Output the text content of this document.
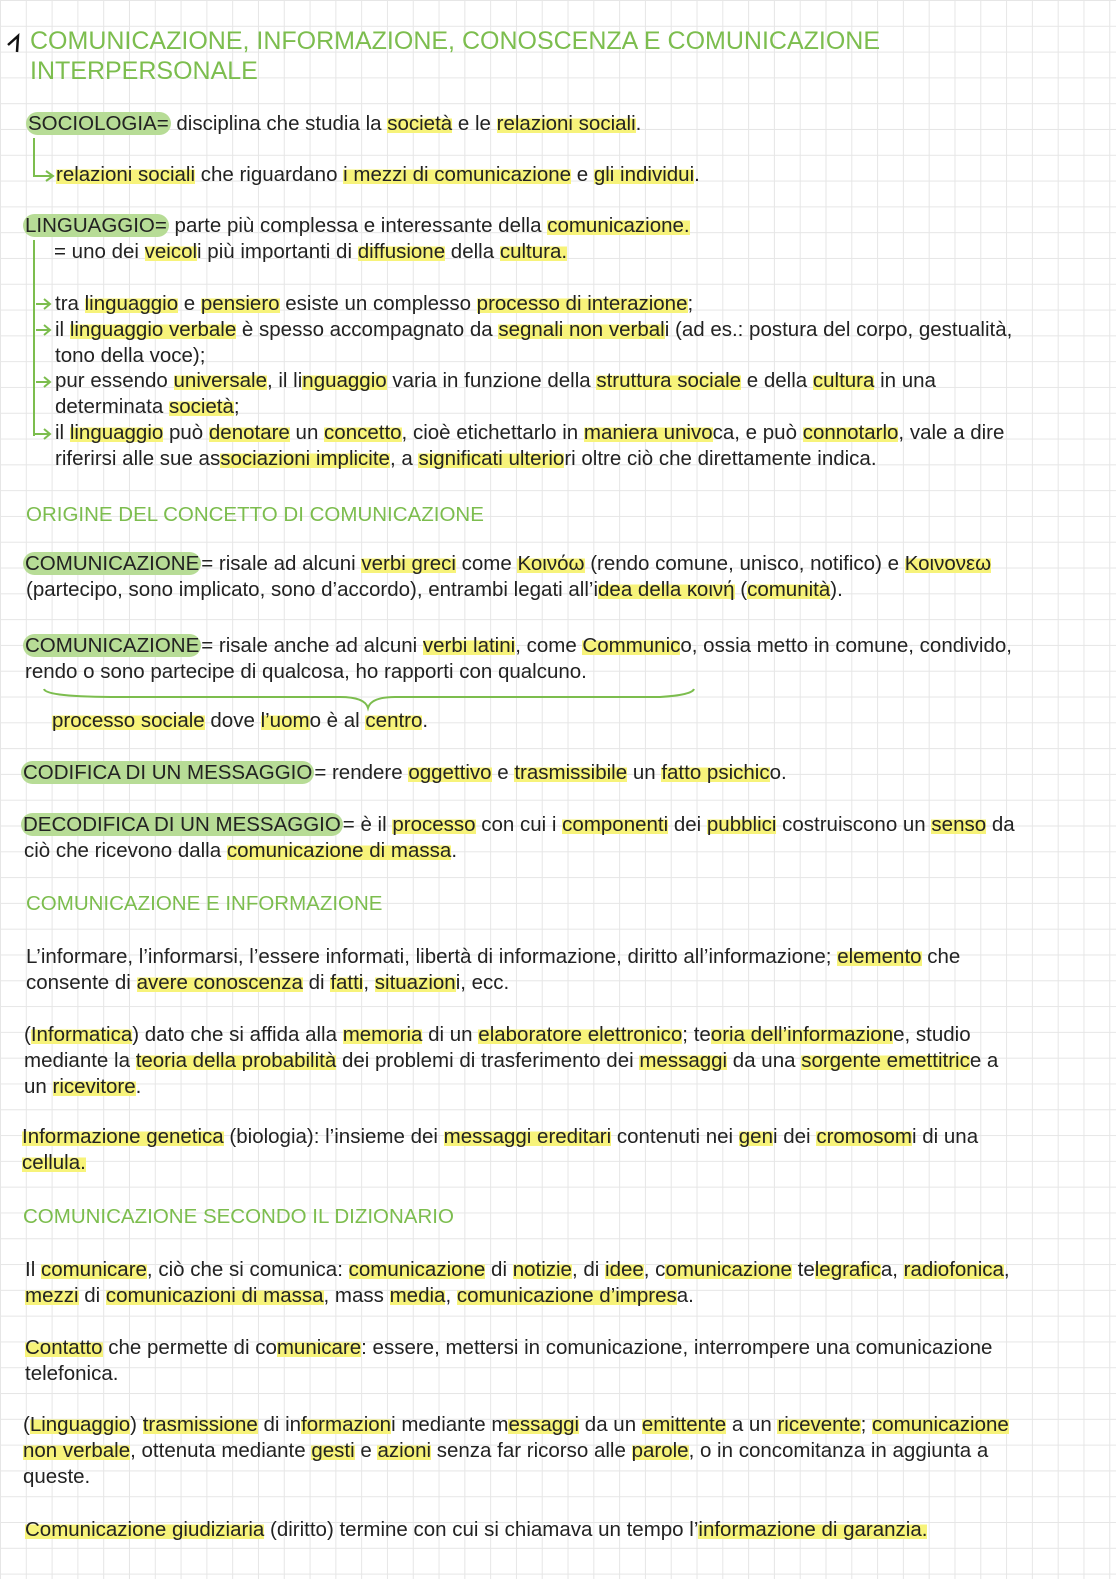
COMUNICAZIONE, INFORMAZIONE, CONOSCENZA E COMUNICAZIONE
INTERPERSONALE
SOCIOLOGIA= disciplina che studia la società e le relazioni sociali.
relazioni sociali che riguardano i mezzi di comunicazione e gli individui.
LINGUAGGIO= parte più complessa e interessante della comunicazione.
= uno dei veicoli più importanti di diffusione della cultura.
tra linguaggio e pensiero esiste un complesso processo di interazione;
il linguaggio verbale è spesso accompagnato da segnali non verbali (ad es.: postura del corpo, gestualità,
tono della voce);
pur essendo universale, il linguaggio varia in funzione della struttura sociale e della cultura in una
determinata società;
il linguaggio può denotare un concetto, cioè etichettarlo in maniera univoca, e può connotarlo, vale a dire
riferirsi alle sue associazioni implicite, a significati ulteriori oltre ciò che direttamente indica.
ORIGINE DEL CONCETTO DI COMUNICAZIONE
COMUNICAZIONE= risale ad alcuni verbi greci come Κοινόω (rendo comune, unisco, notifico) e Κοινονεω
(partecipo, sono implicato, sono d’accordo), entrambi legati all’idea della κοινή (comunità).
COMUNICAZIONE= risale anche ad alcuni verbi latini, come Communico, ossia metto in comune, condivido,
rendo o sono partecipe di qualcosa, ho rapporti con qualcuno.
processo sociale dove l’uomo è al centro.
CODIFICA DI UN MESSAGGIO= rendere oggettivo e trasmissibile un fatto psichico.
DECODIFICA DI UN MESSAGGIO= è il processo con cui i componenti dei pubblici costruiscono un senso da
ciò che ricevono dalla comunicazione di massa.
COMUNICAZIONE E INFORMAZIONE
L’informare, l’informarsi, l’essere informati, libertà di informazione, diritto all’informazione; elemento che
consente di avere conoscenza di fatti, situazioni, ecc.
(Informatica) dato che si affida alla memoria di un elaboratore elettronico; teoria dell’informazione, studio
mediante la teoria della probabilità dei problemi di trasferimento dei messaggi da una sorgente emettitrice a
un ricevitore.
Informazione genetica (biologia): l’insieme dei messaggi ereditari contenuti nei geni dei cromosomi di una
cellula.
COMUNICAZIONE SECONDO IL DIZIONARIO
Il comunicare, ciò che si comunica: comunicazione di notizie, di idee, comunicazione telegrafica, radiofonica,
mezzi di comunicazioni di massa, mass media, comunicazione d’impresa.
Contatto che permette di comunicare: essere, mettersi in comunicazione, interrompere una comunicazione
telefonica.
(Linguaggio) trasmissione di informazioni mediante messaggi da un emittente a un ricevente; comunicazione
non verbale, ottenuta mediante gesti e azioni senza far ricorso alle parole, o in concomitanza in aggiunta a
queste.
Comunicazione giudiziaria (diritto) termine con cui si chiamava un tempo l’informazione di garanzia.
